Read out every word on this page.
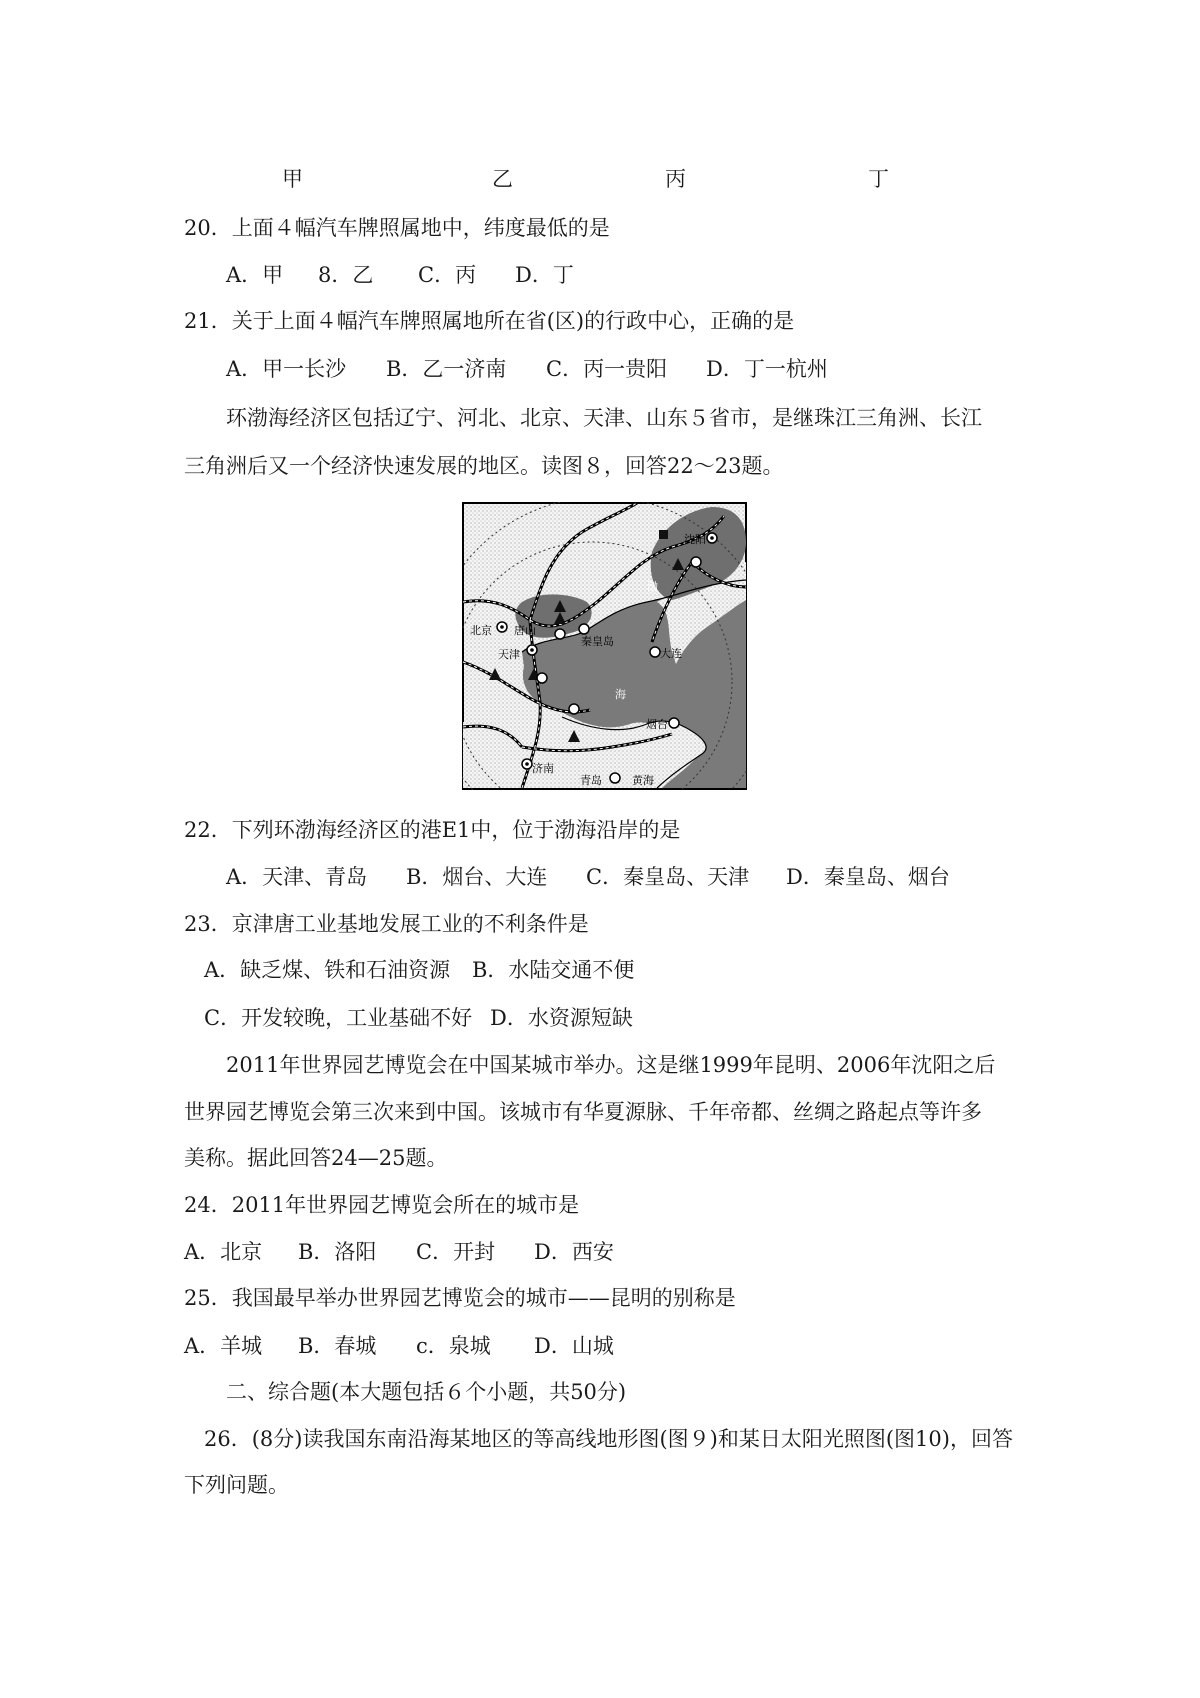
甲	乙	丙	丁
20．上面４幅汽车牌照属地中，纬度最低的是
A．甲 8．乙 C．丙 D．丁
21．关于上面４幅汽车牌照属地所在省(区)的行政中心，正确的是
A．甲一长沙 B．乙一济南 C．丙一贵阳 D．丁一杭州
环渤海经济区包括辽宁、河北、北京、天津、山东５省市，是继珠江三角洲、长江
三角洲后又一个经济快速发展的地区。读图８，回答22～23题。
沈阳
北京 唐山
秦皇岛
天津	大连
烟台
济南
青岛	黄海
渤
海
22．下列环渤海经济区的港E1中，位于渤海沿岸的是
A．天津、青岛 B．烟台、大连 C．秦皇岛、天津 D．秦皇岛、烟台
23．京津唐工业基地发展工业的不利条件是
A．缺乏煤、铁和石油资源 B．水陆交通不便
C．开发较晚，工业基础不好 D．水资源短缺
2011年世界园艺博览会在中国某城市举办。这是继1999年昆明、2006年沈阳之后
世界园艺博览会第三次来到中国。该城市有华夏源脉、千年帝都、丝绸之路起点等许多
美称。据此回答24—25题。
24．2011年世界园艺博览会所在的城市是
A．北京 B．洛阳 C．开封 D．西安
25．我国最早举办世界园艺博览会的城市——昆明的别称是
A．羊城 B．春城 c．泉城 D．山城
二、综合题(本大题包括６个小题，共50分)
26．(8分)读我国东南沿海某地区的等高线地形图(图９)和某日太阳光照图(图10)，回答
下列问题。
